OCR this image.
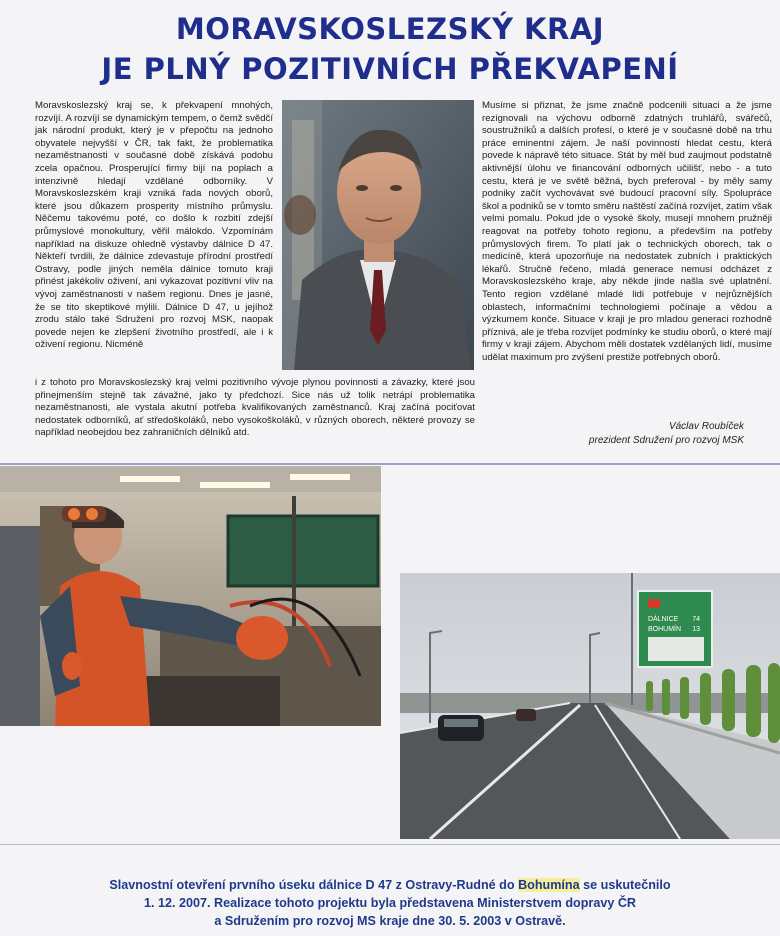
MORAVSKOSLEZSKÝ KRAJ
JE PLNÝ POZITIVNÍCH PŘEKVAPENÍ
Moravskoslezský kraj se, k překvapení mnohých, rozvíjí. A rozvíjí se dynamickým tempem, o čemž svědčí jak národní produkt, který je v přepočtu na jednoho obyvatele nejvyšší v ČR, tak fakt, že problematika nezaměstnanosti v současné době získává podobu zcela opačnou. Prosperující firmy bijí na poplach a intenzivně hledají vzdělané odborníky. V Moravskoslezském kraji vzniká řada nových oborů, které jsou důkazem prosperity místního průmyslu. Něčemu takovému poté, co došlo k rozbití zdejší průmyslové monokultury, věřil málokdo. Vzpomínám například na diskuze ohledně výstavby dálnice D 47. Někteří tvrdili, že dálnice zdevastuje přírodní prostředí Ostravy, podle jiných neměla dálnice tomuto kraji přinést jakékoliv oživení, ani vykazovat pozitivní vliv na vývoj zaměstnanosti v našem regionu. Dnes je jasné, že se tito skeptikové mýlili. Dálnice D 47, u jejíhož zrodu stálo také Sdružení pro rozvoj MSK, naopak povede nejen ke zlepšení životního prostředí, ale i k oživení regionu. Nicméně
Musíme si přiznat, že jsme značně podcenili situaci a že jsme rezignovali na výchovu odborně zdatných truhlářů, svářečů, soustružníků a dalších profesí, o které je v současné době na trhu práce eminentní zájem. Je naší povinností hledat cestu, která povede k nápravě této situace. Stát by měl bud zaujmout podstatně aktivnější úlohu ve financování odborných učilišť, nebo - a tuto cestu, která je ve světě běžná, bych preferoval - by měly samy podniky začít vychovávat své budoucí pracovní síly. Spolupráce škol a podniků se v tomto směru naštěstí začíná rozvíjet, zatím však velmi pomalu. Pokud jde o vysoké školy, musejí mnohem pružněji reagovat na potřeby tohoto regionu, a především na potřeby průmyslových firem. To platí jak o technických oborech, tak o medicíně, která upozorňuje na nedostatek zubních i praktických lékařů. Stručně řečeno, mladá generace nemusí odcházet z Moravskoslezského kraje, aby někde jinde našla své uplatnění. Tento region vzdělané mladé lidi potřebuje v nejrůznějších oblastech, informačními technologiemi počínaje a vědou a výzkumem konče. Situace v kraji je pro mladou generaci rozhodně příznivá, ale je třeba rozvíjet podmínky ke studiu oborů, o které mají firmy v kraji zájem. Abychom měli dostatek vzdělaných lidí, musíme udělat maximum pro zvýšení prestiže potřebných oborů.
i z tohoto pro Moravskoslezský kraj velmi pozitivního vývoje plynou povinnosti a závazky, které jsou přinejmenším stejně tak závažné, jako ty předchozí. Sice nás už tolik netrápí problematika nezaměstnanosti, ale vystala akutní potřeba kvalifikovaných zaměstnanců. Kraj začíná pociťovat nedostatek odborníků, ať středoškoláků, nebo vysokoškoláků, v různých oborech, některé provozy se například neobejdou bez zahraničních dělníků atd.
Václav Roubíček
prezident Sdružení pro rozvoj MSK
DÁLNICE 74
BOHUMÍN 13
Slavnostní otevření prvního úseku dálnice D 47 z Ostravy-Rudné do Bohumína se uskutečnilo
1. 12. 2007. Realizace tohoto projektu byla představena Ministerstvem dopravy ČR
a Sdružením pro rozvoj MS kraje dne 30. 5. 2003 v Ostravě.
